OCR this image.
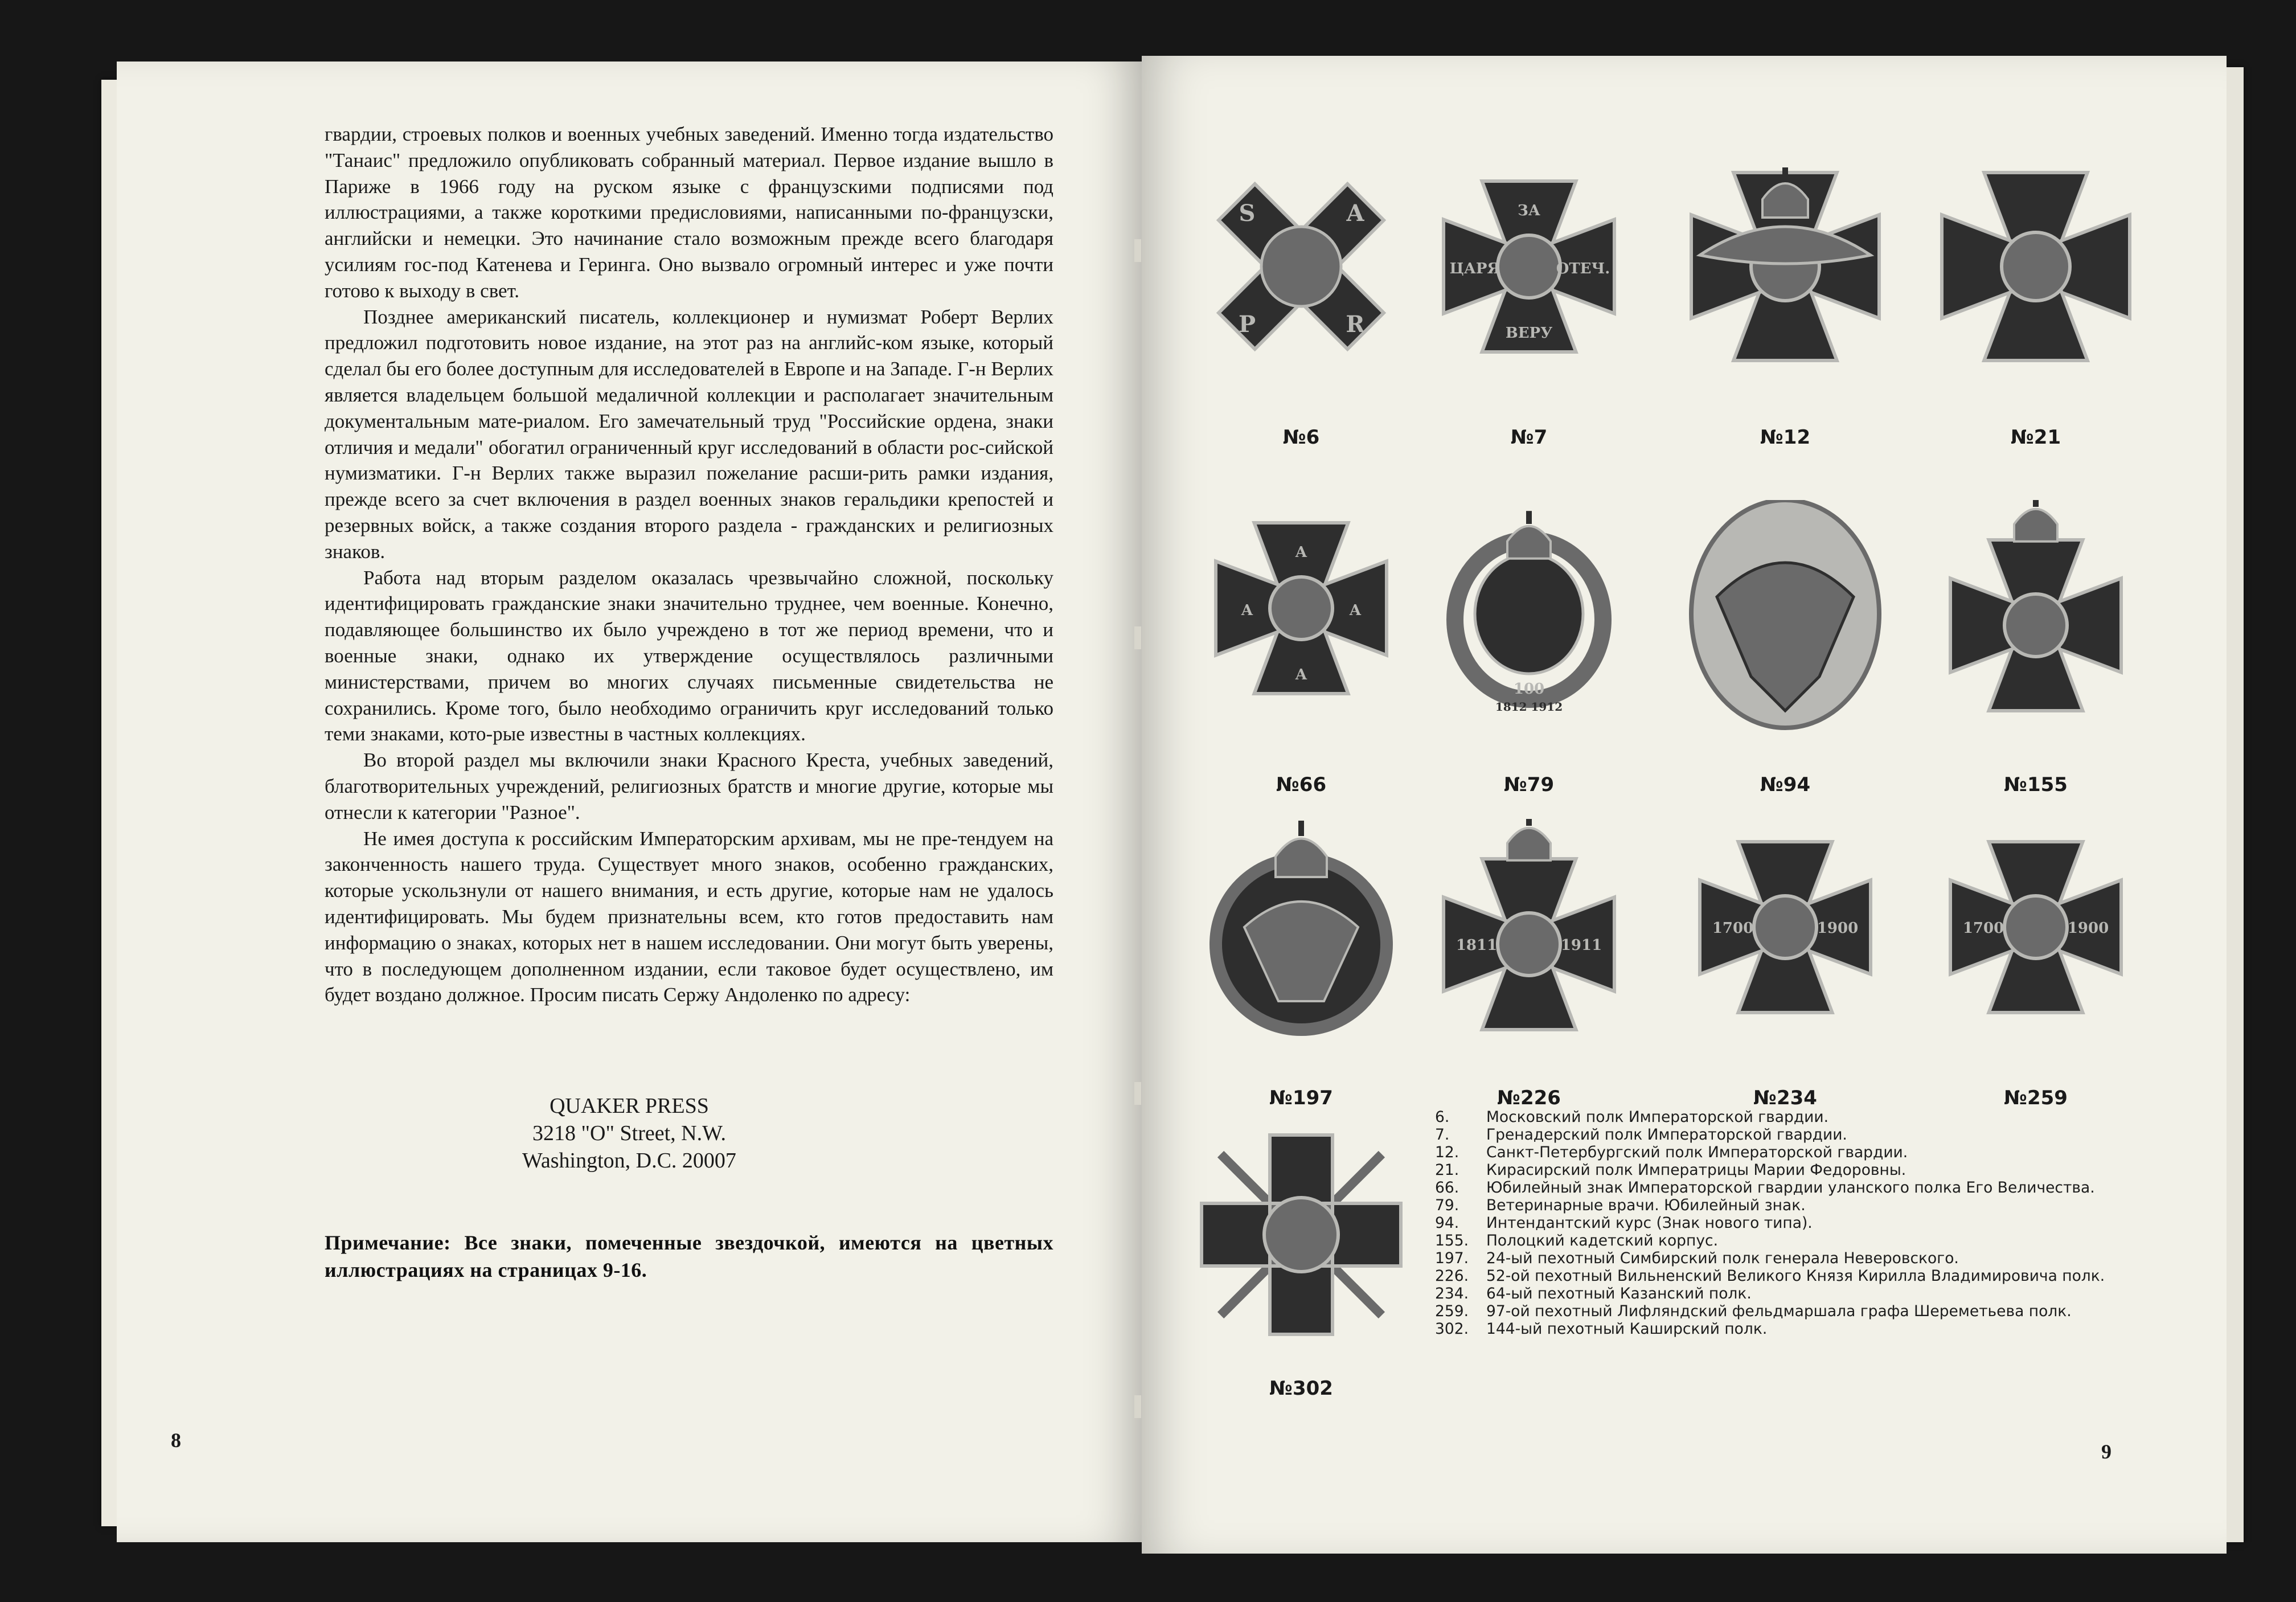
гвардии, строевых полков и военных учебных заведений. Именно тогда издательство "Танаис" предложило опубликовать собранный материал. Первое издание вышло в Париже в 1966 году на руском языке с французскими подписями под иллюстрациями, а также короткими предисловиями, написанными по-французски, английски и немецки. Это начинание стало возможным прежде всего благодаря усилиям гос-под Катенева и Геринга. Оно вызвало огромный интерес и уже почти готово к выходу в свет.

Позднее американский писатель, коллекционер и нумизмат Роберт Верлих предложил подготовить новое издание, на этот раз на английс-ком языке, который сделал бы его более доступным для исследователей в Европе и на Западе. Г-н Верлих является владельцем большой медаличной коллекции и располагает значительным документальным мате-риалом. Его замечательный труд "Российские ордена, знаки отличия и медали" обогатил ограниченный круг исследований в области рос-сийской нумизматики. Г-н Верлих также выразил пожелание расши-рить рамки издания, прежде всего за счет включения в раздел военных знаков геральдики крепостей и резервных войск, а также создания второго раздела - гражданских и религиозных знаков.

Работа над вторым разделом оказалась чрезвычайно сложной, поскольку идентифицировать гражданские знаки значительно труднее, чем военные. Конечно, подавляющее большинство их было учреждено в тот же период времени, что и военные знаки, однако их утверждение осуществлялось различными министерствами, причем во многих случаях письменные свидетельства не сохранились. Кроме того, было необходимо ограничить круг исследований только теми знаками, кото-рые известны в частных коллекциях.

Во второй раздел мы включили знаки Красного Креста, учебных заведений, благотворительных учреждений, религиозных братств и многие другие, которые мы отнесли к категории "Разное".

Не имея доступа к российским Императорским архивам, мы не пре-тендуем на законченность нашего труда. Существует много знаков, особенно гражданских, которые ускользнули от нашего внимания, и есть другие, которые нам не удалось идентифицировать. Мы будем признательны всем, кто готов предоставить нам информацию о знаках, которых нет в нашем исследовании. Они могут быть уверены, что в последующем дополненном издании, если таковое будет осуществлено, им будет воздано должное. Просим писать Сержу Андоленко по адресу:

QUAKER PRESS
3218 "O" Street, N.W.
Washington, D.C. 20007
Примечание: Все знаки, помеченные звездочкой, имеются на цветных иллюстрациях на страницах 9-16.
8
S	A
P	R
№6
ЗА
ВЕРУ
ЦАРЯ	ОТЕЧ.
№7	№12	№21
А
А
А	А
№66
100
1812 1912
№79	№94	№155
№197
1811	1911
№226
1700	1900
№234
1700	1900
№259
№302
6.	Московский полк Императорской гвардии.
7.	Гренадерский полк Императорской гвардии.
12.	Санкт-Петербургский полк Императорской гвардии.
21.	Кирасирский полк Императрицы Марии Федоровны.
66.	Юбилейный знак Императорской гвардии уланского полка Его Величества.
79.	Ветеринарные врачи. Юбилейный знак.
94.	Интендантский курс (Знак нового типа).
155.	Полоцкий кадетский корпус.
197.	24-ый пехотный Симбирский полк генерала Неверовского.
226.	52-ой пехотный Вильненский Великого Князя Кирилла Владимировича полк.
234.	64-ый пехотный Казанский полк.
259.	97-ой пехотный Лифляндский фельдмаршала графа Шереметьева полк.
302.	144-ый пехотный Каширский полк.
9
